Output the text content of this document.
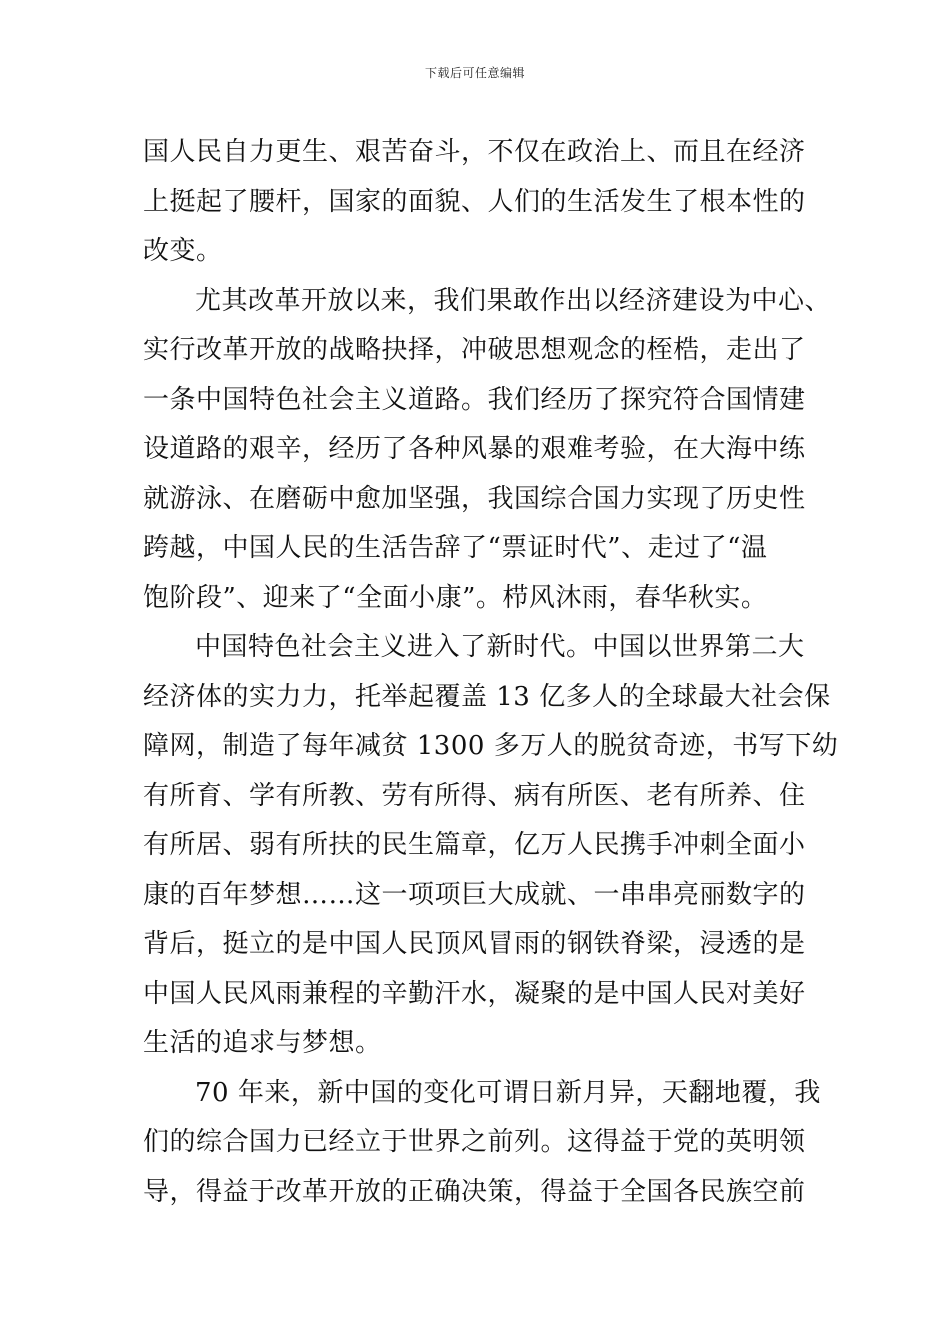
下载后可任意编辑
国人民自力更生、艰苦奋斗，不仅在政治上、而且在经济
上挺起了腰杆，国家的面貌、人们的生活发生了根本性的
改变。
尤其改革开放以来，我们果敢作出以经济建设为中心、
实行改革开放的战略抉择，冲破思想观念的桎梏，走出了
一条中国特色社会主义道路。我们经历了探究符合国情建
设道路的艰辛，经历了各种风暴的艰难考验，在大海中练
就游泳、在磨砺中愈加坚强，我国综合国力实现了历史性
跨越，中国人民的生活告辞了“票证时代”、走过了“温
饱阶段”、迎来了“全面小康”。栉风沐雨，春华秋实。
中国特色社会主义进入了新时代。中国以世界第二大
经济体的实力力，托举起覆盖 13 亿多人的全球最大社会保
障网，制造了每年减贫 1300 多万人的脱贫奇迹，书写下幼
有所育、学有所教、劳有所得、病有所医、老有所养、住
有所居、弱有所扶的民生篇章，亿万人民携手冲刺全面小
康的百年梦想……这一项项巨大成就、一串串亮丽数字的
背后，挺立的是中国人民顶风冒雨的钢铁脊梁，浸透的是
中国人民风雨兼程的辛勤汗水，凝聚的是中国人民对美好
生活的追求与梦想。
70 年来，新中国的变化可谓日新月异，天翻地覆，我
们的综合国力已经立于世界之前列。这得益于党的英明领
导，得益于改革开放的正确决策，得益于全国各民族空前
